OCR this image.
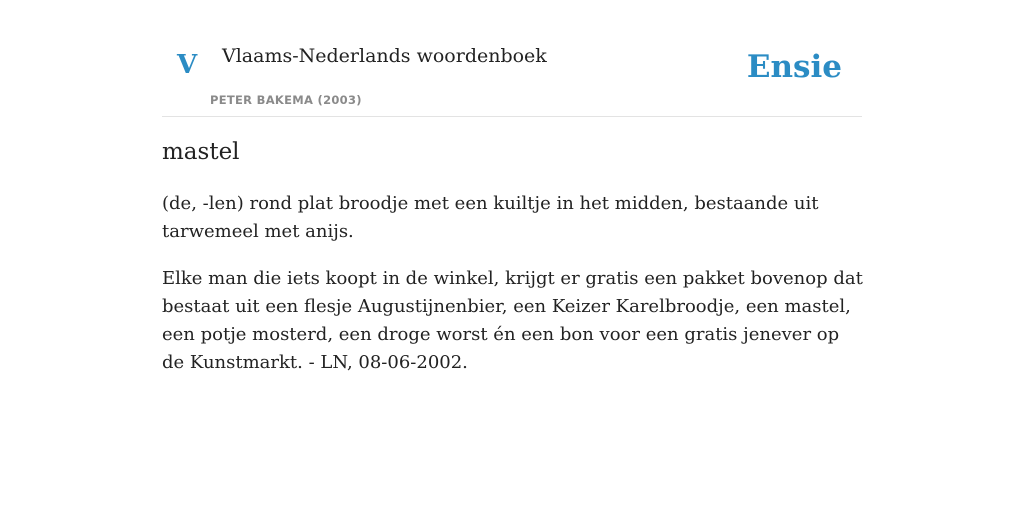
V Vlaams-Nederlands woordenboek
PETER BAKEMA (2003)
Ensie
mastel

(de, -len) rond plat broodje met een kuiltje in het midden, bestaande uit tarwemeel met anijs.

Elke man die iets koopt in de winkel, krijgt er gratis een pakket bovenop dat bestaat uit een flesje Augustijnenbier, een Keizer Karelbroodje, een mastel, een potje mosterd, een droge worst én een bon voor een gratis jenever op de Kunstmarkt. - LN, 08-06-2002.
